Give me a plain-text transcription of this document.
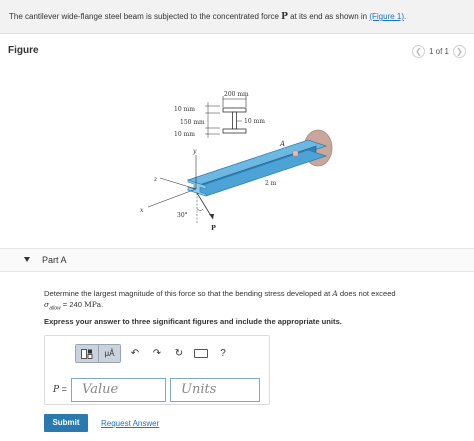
The cantilever wide-flange steel beam is subjected to the concentrated force P at its end as shown in (Figure 1).
Figure	❮ 1 of 1 ❯
200 mm
10 mm
150 mm
10 mm
10 mm
A
2 m
y
z
x
30°
P
Part A
Determine the largest magnitude of this force so that the bending stress developed at A does not exceed
$\sigma_{allow} = 240$ MPa.
Express your answer to three significant figures and include the appropriate units.
μÅ	↶	↷	↻	?
P =	Value	Units
Submit	Request Answer
